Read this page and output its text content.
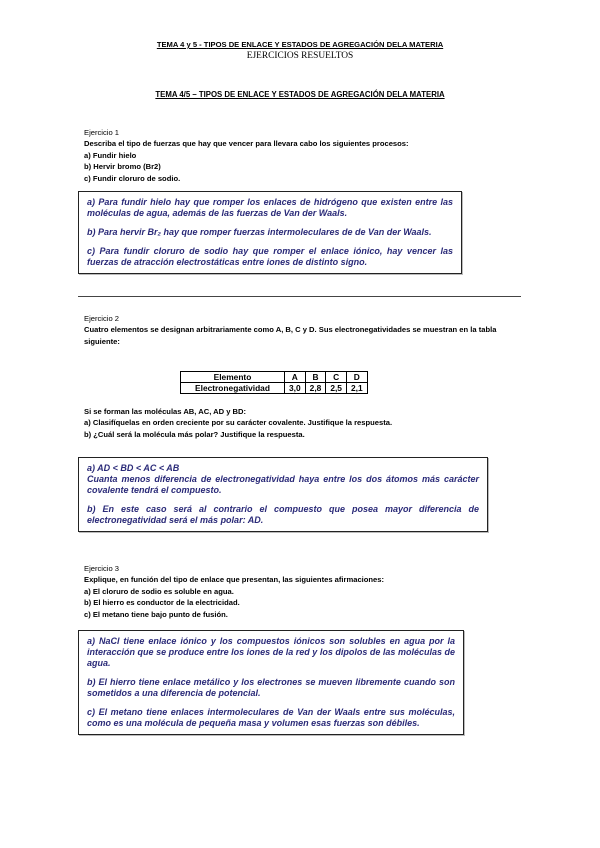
TEMA 4 y 5 - TIPOS DE ENLACE Y ESTADOS DE AGREGACIÓN DELA MATERIA
EJERCICIOS RESUELTOS
TEMA 4/5 – TIPOS DE ENLACE Y ESTADOS DE AGREGACIÓN DELA MATERIA
Ejercicio 1
Describa el tipo de fuerzas que hay que vencer para llevara cabo los siguientes procesos:
a) Fundir hielo
b) Hervir bromo (Br2)
c) Fundir cloruro de sodio.

a) Para fundir hielo hay que romper los enlaces de hidrógeno que existen entre las moléculas de agua, además de las fuerzas de Van der Waals.

b) Para hervir Br₂ hay que romper fuerzas intermoleculares de de Van der Waals.

c) Para fundir cloruro de sodio hay que romper el enlace iónico, hay vencer las fuerzas de atracción electrostáticas entre iones de distinto signo.

Ejercicio 2
Cuatro elementos se designan arbitrariamente como A, B, C y D. Sus electronegatividades se muestran en la tabla siguiente:
Elemento	A	B	C	D
Electronegatividad	3,0	2,8	2,5	2,1
Si se forman las moléculas AB, AC, AD y BD:
a) Clasifíquelas en orden creciente por su carácter covalente. Justifique la respuesta.
b) ¿Cuál será la molécula más polar? Justifique la respuesta.
a) AD < BD < AC < AB

Cuanta menos diferencia de electronegatividad haya entre los dos átomos más carácter covalente tendrá el compuesto.

b) En este caso será al contrario el compuesto que posea mayor diferencia de electronegatividad será el más polar: AD.

Ejercicio 3
Explique, en función del tipo de enlace que presentan, las siguientes afirmaciones:
a) El cloruro de sodio es soluble en agua.
b) El hierro es conductor de la electricidad.
c) El metano tiene bajo punto de fusión.

a) NaCl tiene enlace iónico y los compuestos iónicos son solubles en agua por la interacción que se produce entre los iones de la red y los dipolos de las moléculas de agua.

b) El hierro tiene enlace metálico y los electrones se mueven libremente cuando son sometidos a una diferencia de potencial.

c) El metano tiene enlaces intermoleculares de Van der Waals entre sus moléculas, como es una molécula de pequeña masa y volumen esas fuerzas son débiles.
